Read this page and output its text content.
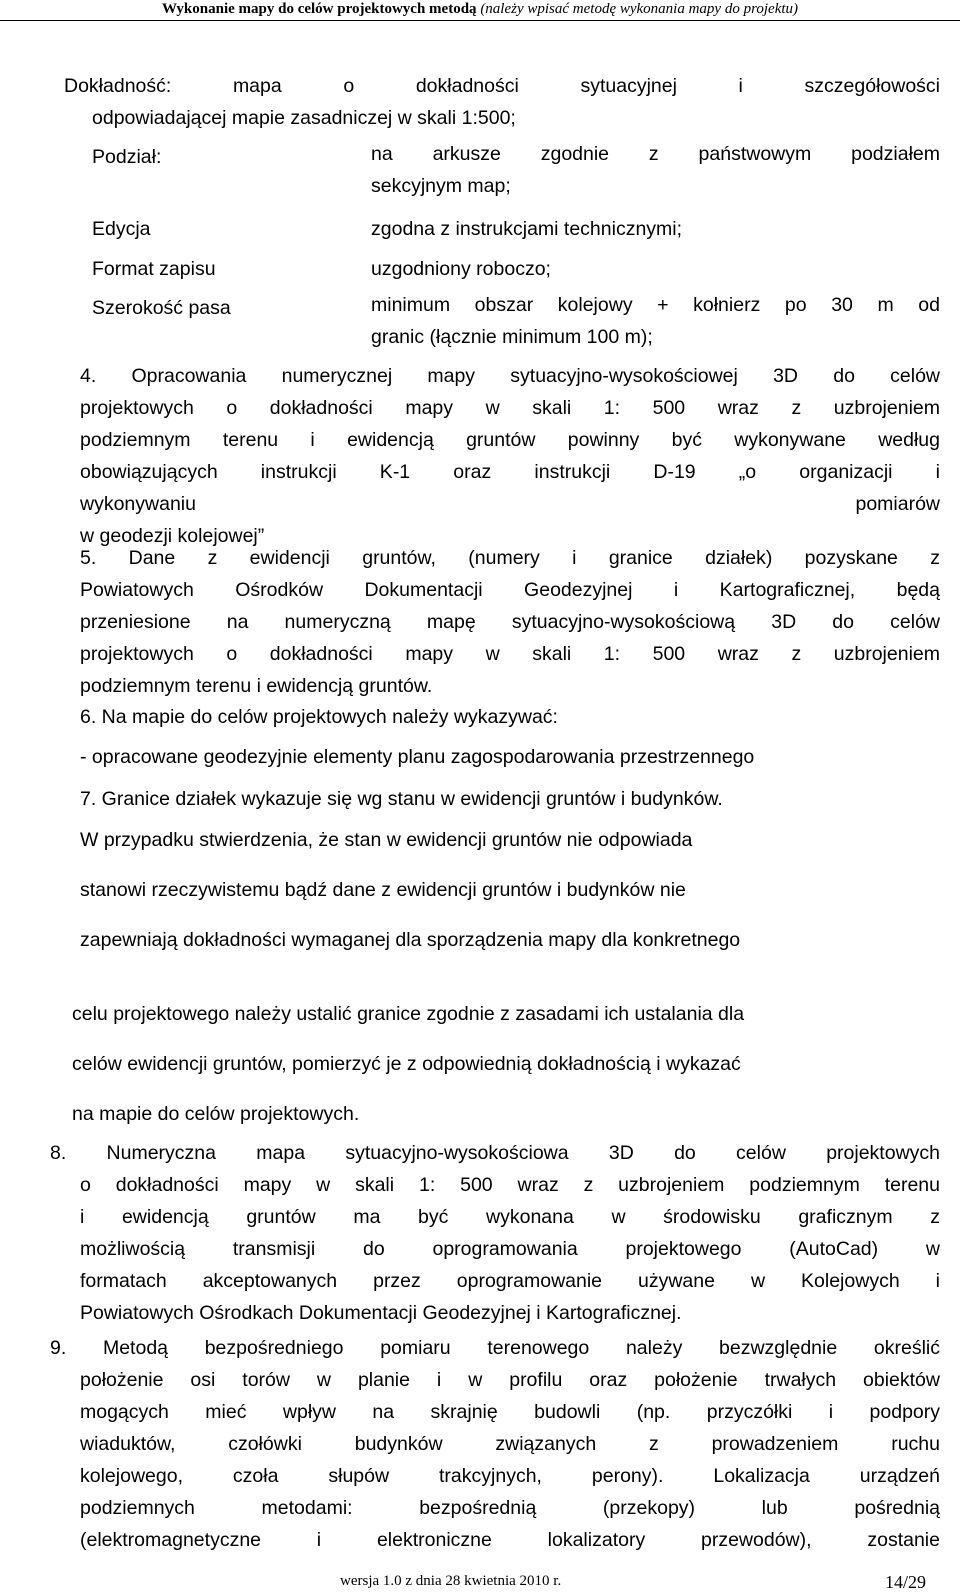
Wykonanie mapy do celów projektowych metodą (należy wpisać metodę wykonania mapy do projektu)
Dokładność: mapa o dokładności sytuacyjnej i szczegółowości
odpowiadającej mapie zasadniczej w skali 1:500;
Podział:	na arkusze zgodnie z państwowym podziałem
sekcyjnym map;
Edycja	zgodna z instrukcjami technicznymi;
Format zapisu	uzgodniony roboczo;
Szerokość pasa	minimum obszar kolejowy + kołnierz po 30 m od
granic (łącznie minimum 100 m);
4. Opracowania numerycznej mapy sytuacyjno-wysokościowej 3D do celów
projektowych o dokładności mapy w skali 1: 500 wraz z uzbrojeniem
podziemnym terenu i ewidencją gruntów powinny być wykonywane według
obowiązujących instrukcji K-1 oraz instrukcji D-19 „o organizacji i
wykonywaniu pomiarów
w geodezji kolejowej”
5. Dane z ewidencji gruntów, (numery i granice działek) pozyskane z
Powiatowych Ośrodków Dokumentacji Geodezyjnej i Kartograficznej, będą
przeniesione na numeryczną mapę sytuacyjno-wysokościową 3D do celów
projektowych o dokładności mapy w skali 1: 500 wraz z uzbrojeniem
podziemnym terenu i ewidencją gruntów.
6. Na mapie do celów projektowych należy wykazywać:
- opracowane geodezyjnie elementy planu zagospodarowania przestrzennego
7. Granice działek wykazuje się wg stanu w ewidencji gruntów i budynków.
W przypadku stwierdzenia, że stan w ewidencji gruntów nie odpowiada
stanowi rzeczywistemu bądź dane z ewidencji gruntów i budynków nie
zapewniają dokładności wymaganej dla sporządzenia mapy dla konkretnego
celu projektowego należy ustalić granice zgodnie z zasadami ich ustalania dla
celów ewidencji gruntów, pomierzyć je z odpowiednią dokładnością i wykazać
na mapie do celów projektowych.
8. Numeryczna mapa sytuacyjno-wysokościowa 3D do celów projektowych
o dokładności mapy w skali 1: 500 wraz z uzbrojeniem podziemnym terenu
i ewidencją gruntów ma być wykonana w środowisku graficznym z
możliwością transmisji do oprogramowania projektowego (AutoCad) w
formatach akceptowanych przez oprogramowanie używane w Kolejowych i
Powiatowych Ośrodkach Dokumentacji Geodezyjnej i Kartograficznej.
9. Metodą bezpośredniego pomiaru terenowego należy bezwzględnie określić
położenie osi torów w planie i w profilu oraz położenie trwałych obiektów
mogących mieć wpływ na skrajnię budowli (np. przyczółki i podpory
wiaduktów, czołówki budynków związanych z prowadzeniem ruchu
kolejowego, czoła słupów trakcyjnych, perony). Lokalizacja urządzeń
podziemnych metodami: bezpośrednią (przekopy) lub pośrednią
(elektromagnetyczne i elektroniczne lokalizatory przewodów), zostanie
wersja 1.0 z dnia 28 kwietnia 2010 r.	14/29
